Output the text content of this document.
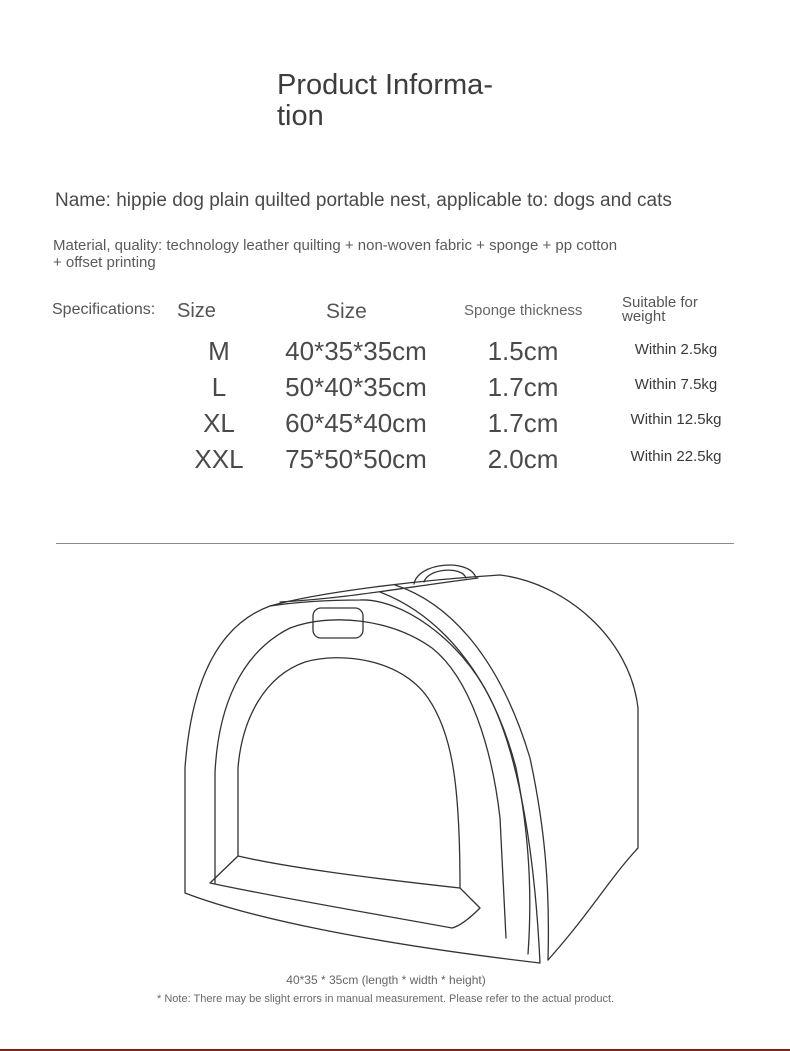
Product Informa-
tion
Name: hippie dog plain quilted portable nest, applicable to: dogs and cats
Material, quality: technology leather quilting + non-woven fabric + sponge + pp cotton + offset printing
Specifications: Size	Size	Sponge thickness	Suitable for weight
M	40*35*35cm	1.5cm	Within 2.5kg
L	50*40*35cm	1.7cm	Within 7.5kg
XL	60*45*40cm	1.7cm	Within 12.5kg
XXL	75*50*50cm	2.0cm	Within 22.5kg
40*35 * 35cm (length * width * height)
* Note: There may be slight errors in manual measurement. Please refer to the actual product.
